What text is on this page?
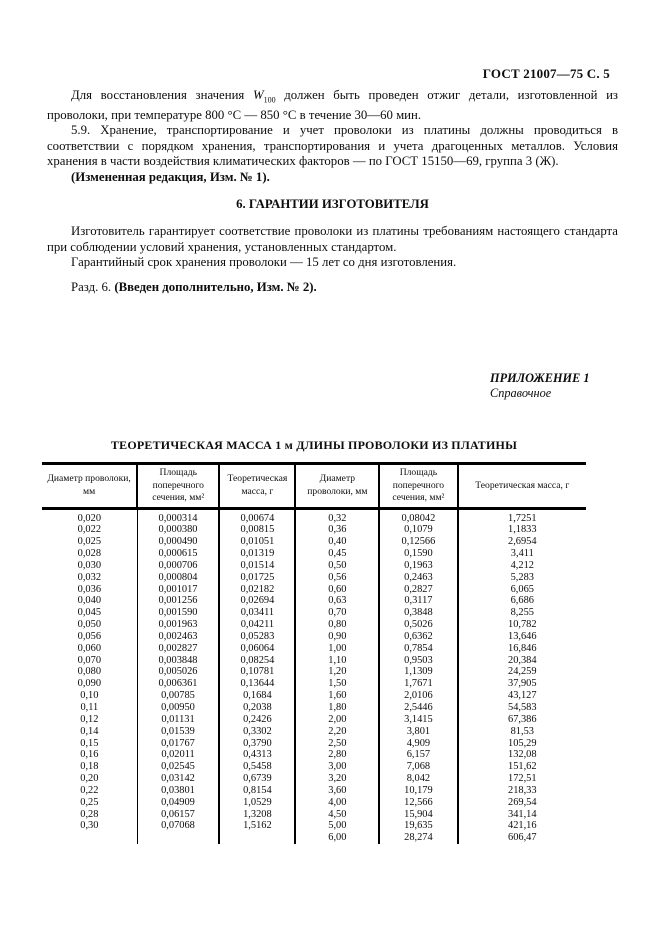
ГОСТ 21007—75 С. 5

Для восстановления значения $W_{100}$ должен быть проведен отжиг детали, изготовленной из проволоки, при температуре 800 °С — 850 °С в течение 30—60 мин.

5.9. Хранение, транспортирование и учет проволоки из платины должны проводиться в соответствии с порядком хранения, транспортирования и учета драгоценных металлов. Условия хранения в части воздействия климатических факторов — по ГОСТ 15150—69, группа 3 (Ж).

(Измененная редакция, Изм. № 1).

6. ГАРАНТИИ ИЗГОТОВИТЕЛЯ

Изготовитель гарантирует соответствие проволоки из платины требованиям настоящего стандарта при соблюдении условий хранения, установленных стандартом.

Гарантийный срок хранения проволоки — 15 лет со дня изготовления.

Разд. 6. (Введен дополнительно, Изм. № 2).

ПРИЛОЖЕНИЕ 1
Справочное
ТЕОРЕТИЧЕСКАЯ МАССА 1 м ДЛИНЫ ПРОВОЛОКИ ИЗ ПЛАТИНЫ
Диаметр проволоки, мм	Площадь поперечного сечения, мм²	Теоретическая масса, г	Диаметр проволоки, мм	Площадь поперечного сечения, мм²	Теоретическая масса, г
0,020	0,000314	0,00674	0,32	0,08042	1,7251
0,022	0,000380	0,00815	0,36	0,1079	1,1833
0,025	0,000490	0,01051	0,40	0,12566	2,6954
0,028	0,000615	0,01319	0,45	0,1590	3,411
0,030	0,000706	0,01514	0,50	0,1963	4,212
0,032	0,000804	0,01725	0,56	0,2463	5,283
0,036	0,001017	0,02182	0,60	0,2827	6,065
0,040	0,001256	0,02694	0,63	0,3117	6,686
0,045	0,001590	0,03411	0,70	0,3848	8,255
0,050	0,001963	0,04211	0,80	0,5026	10,782
0,056	0,002463	0,05283	0,90	0,6362	13,646
0,060	0,002827	0,06064	1,00	0,7854	16,846
0,070	0,003848	0,08254	1,10	0,9503	20,384
0,080	0,005026	0,10781	1,20	1,1309	24,259
0,090	0,006361	0,13644	1,50	1,7671	37,905
0,10	0,00785	0,1684	1,60	2,0106	43,127
0,11	0,00950	0,2038	1,80	2,5446	54,583
0,12	0,01131	0,2426	2,00	3,1415	67,386
0,14	0,01539	0,3302	2,20	3,801	81,53
0,15	0,01767	0,3790	2,50	4,909	105,29
0,16	0,02011	0,4313	2,80	6,157	132,08
0,18	0,02545	0,5458	3,00	7,068	151,62
0,20	0,03142	0,6739	3,20	8,042	172,51
0,22	0,03801	0,8154	3,60	10,179	218,33
0,25	0,04909	1,0529	4,00	12,566	269,54
0,28	0,06157	1,3208	4,50	15,904	341,14
0,30	0,07068	1,5162	5,00	19,635	421,16
			6,00	28,274	606,47
